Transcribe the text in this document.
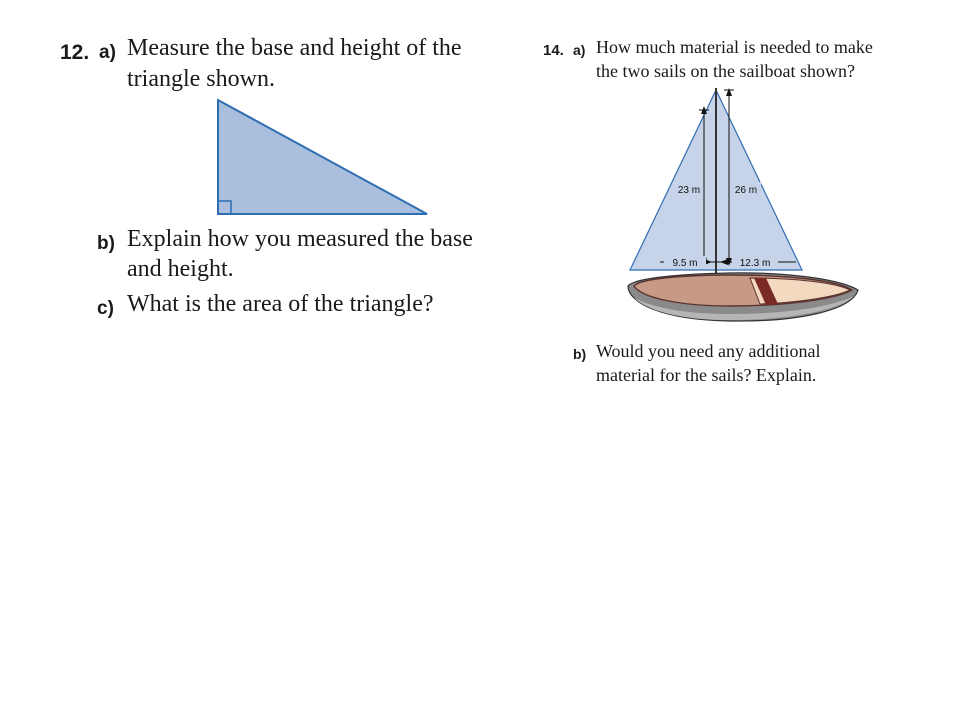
12. a) Measure the base and height of the
triangle shown.
b) Explain how you measured the base
and height.
c) What is the area of the triangle?
14. a) How much material is needed to make
the two sails on the sailboat shown?
23 m	26 m
9.5 m	12.3 m
b) Would you need any additional
material for the sails? Explain.
